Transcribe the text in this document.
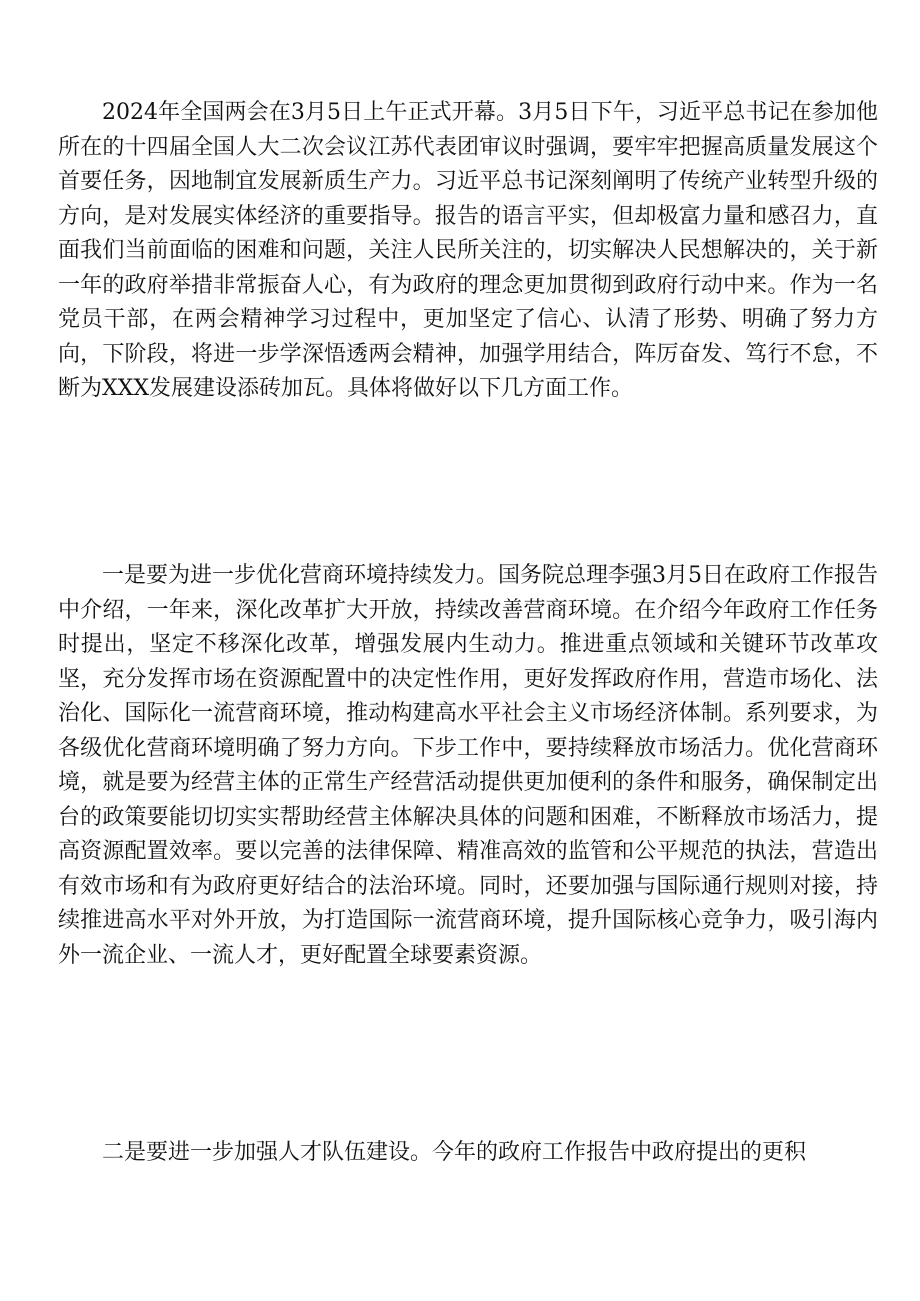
2024年全国两会在3月5日上午正式开幕。3月5日下午，习近平总书记在参加他所在的十四届全国人大二次会议江苏代表团审议时强调，要牢牢把握高质量发展这个首要任务，因地制宜发展新质生产力。习近平总书记深刻阐明了传统产业转型升级的方向，是对发展实体经济的重要指导。报告的语言平实，但却极富力量和感召力，直面我们当前面临的困难和问题，关注人民所关注的，切实解决人民想解决的，关于新一年的政府举措非常振奋人心，有为政府的理念更加贯彻到政府行动中来。作为一名党员干部，在两会精神学习过程中，更加坚定了信心、认清了形势、明确了努力方向，下阶段，将进一步学深悟透两会精神，加强学用结合，阵厉奋发、笃行不怠，不断为XXX发展建设添砖加瓦。具体将做好以下几方面工作。

一是要为进一步优化营商环境持续发力。国务院总理李强3月5日在政府工作报告中介绍，一年来，深化改革扩大开放，持续改善营商环境。在介绍今年政府工作任务时提出，坚定不移深化改革，增强发展内生动力。推进重点领域和关键环节改革攻坚，充分发挥市场在资源配置中的决定性作用，更好发挥政府作用，营造市场化、法治化、国际化一流营商环境，推动构建高水平社会主义市场经济体制。系列要求，为各级优化营商环境明确了努力方向。下步工作中，要持续释放市场活力。优化营商环境，就是要为经营主体的正常生产经营活动提供更加便利的条件和服务，确保制定出台的政策要能切切实实帮助经营主体解决具体的问题和困难，不断释放市场活力，提高资源配置效率。要以完善的法律保障、精准高效的监管和公平规范的执法，营造出有效市场和有为政府更好结合的法治环境。同时，还要加强与国际通行规则对接，持续推进高水平对外开放，为打造国际一流营商环境，提升国际核心竞争力，吸引海内外一流企业、一流人才，更好配置全球要素资源。

二是要进一步加强人才队伍建设。今年的政府工作报告中政府提出的更积
